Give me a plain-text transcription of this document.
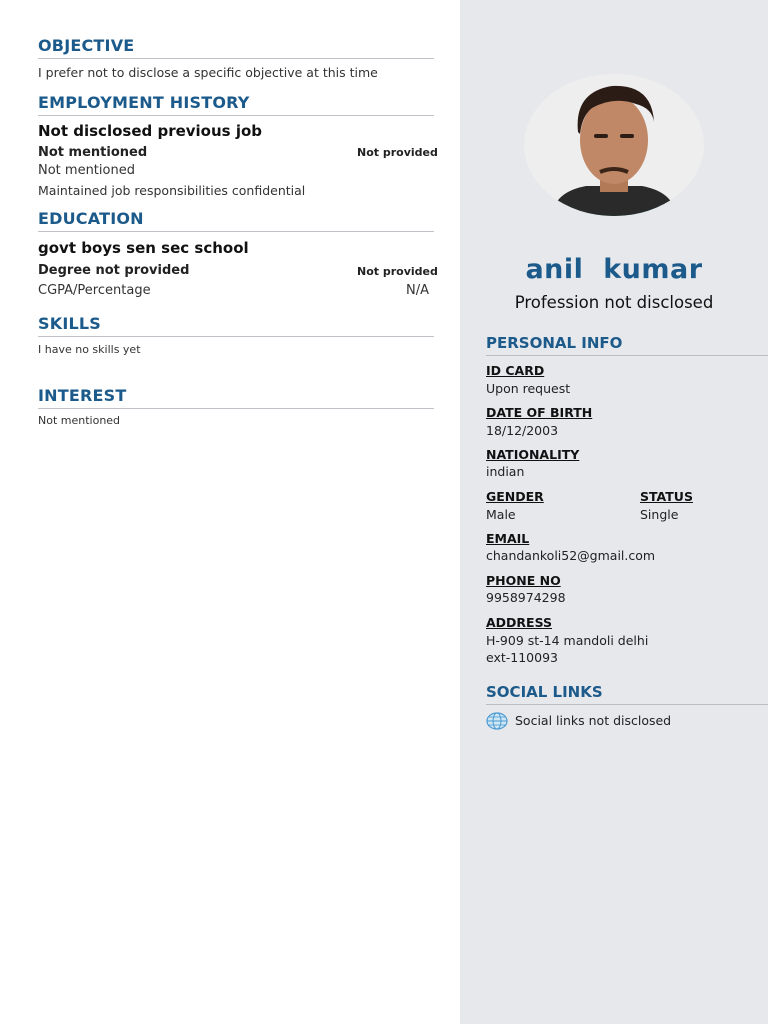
OBJECTIVE
I prefer not to disclose a specific objective at this time
EMPLOYMENT HISTORY
Not disclosed previous job
Not mentioned	Not provided
Not mentioned
Maintained job responsibilities confidential
EDUCATION
govt boys sen sec school
Degree not provided	Not provided
CGPA/Percentage	N/A
SKILLS
I have no skills yet
INTEREST
Not mentioned
anil  kumar
Profession not disclosed
PERSONAL INFO
ID CARD
Upon request
DATE OF BIRTH
18/12/2003
NATIONALITY
indian
GENDER
Male
STATUS
Single
EMAIL
chandankoli52@gmail.com
PHONE NO
9958974298
ADDRESS
H-909 st-14 mandoli delhi
ext-110093
SOCIAL LINKS
Social links not disclosed
